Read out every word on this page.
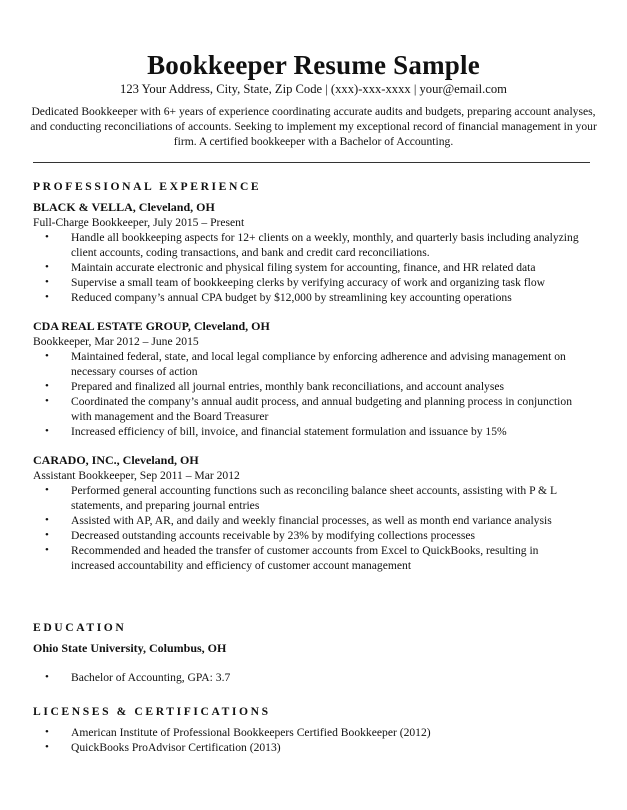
Bookkeeper Resume Sample
123 Your Address, City, State, Zip Code | (xxx)-xxx-xxxx | your@email.com
Dedicated Bookkeeper with 6+ years of experience coordinating accurate audits and budgets, preparing account analyses, and conducting reconciliations of accounts. Seeking to implement my exceptional record of financial management in your firm. A certified bookkeeper with a Bachelor of Accounting.
PROFESSIONAL EXPERIENCE
BLACK & VELLA, Cleveland, OH
Full-Charge Bookkeeper, July 2015 – Present
• Handle all bookkeeping aspects for 12+ clients on a weekly, monthly, and quarterly basis including analyzing client accounts, coding transactions, and bank and credit card reconciliations.
• Maintain accurate electronic and physical filing system for accounting, finance, and HR related data
• Supervise a small team of bookkeeping clerks by verifying accuracy of work and organizing task flow
• Reduced company’s annual CPA budget by $12,000 by streamlining key accounting operations
CDA REAL ESTATE GROUP, Cleveland, OH
Bookkeeper, Mar 2012 – June 2015
• Maintained federal, state, and local legal compliance by enforcing adherence and advising management on necessary courses of action
• Prepared and finalized all journal entries, monthly bank reconciliations, and account analyses
• Coordinated the company’s annual audit process, and annual budgeting and planning process in conjunction with management and the Board Treasurer
• Increased efficiency of bill, invoice, and financial statement formulation and issuance by 15%
CARADO, INC., Cleveland, OH
Assistant Bookkeeper, Sep 2011 – Mar 2012
• Performed general accounting functions such as reconciling balance sheet accounts, assisting with P & L statements, and preparing journal entries
• Assisted with AP, AR, and daily and weekly financial processes, as well as month end variance analysis
• Decreased outstanding accounts receivable by 23% by modifying collections processes
• Recommended and headed the transfer of customer accounts from Excel to QuickBooks, resulting in increased accountability and efficiency of customer account management
EDUCATION
Ohio State University, Columbus, OH
• Bachelor of Accounting, GPA: 3.7
LICENSES & CERTIFICATIONS
• American Institute of Professional Bookkeepers Certified Bookkeeper (2012)
• QuickBooks ProAdvisor Certification (2013)
